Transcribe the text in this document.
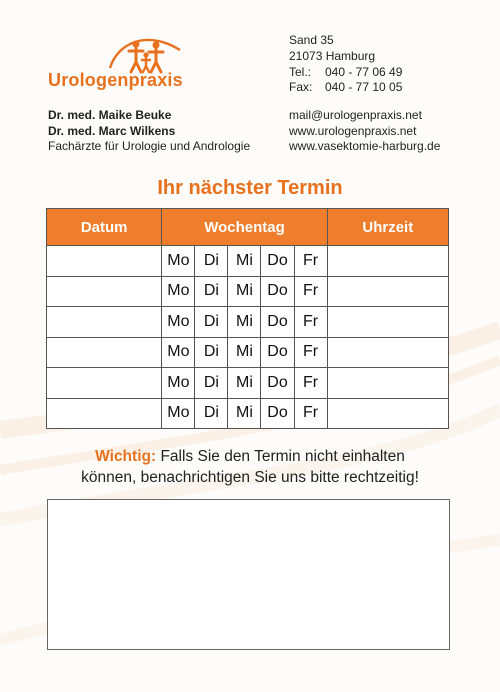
Urologenpraxis
Sand 35
21073 Hamburg
Tel.: 040 - 77 06 49
Fax: 040 - 77 10 05
Dr. med. Maike Beuke
Dr. med. Marc Wilkens
Fachärzte für Urologie und Andrologie
mail@urologenpraxis.net
www.urologenpraxis.net
www.vasektomie-harburg.de
Ihr nächster Termin
Datum	Wochentag					Uhrzeit
	Mo	Di	Mi	Do	Fr	
	Mo	Di	Mi	Do	Fr	
	Mo	Di	Mi	Do	Fr	
	Mo	Di	Mi	Do	Fr	
	Mo	Di	Mi	Do	Fr	
	Mo	Di	Mi	Do	Fr	
Wichtig: Falls Sie den Termin nicht einhalten
können, benachrichtigen Sie uns bitte rechtzeitig!
